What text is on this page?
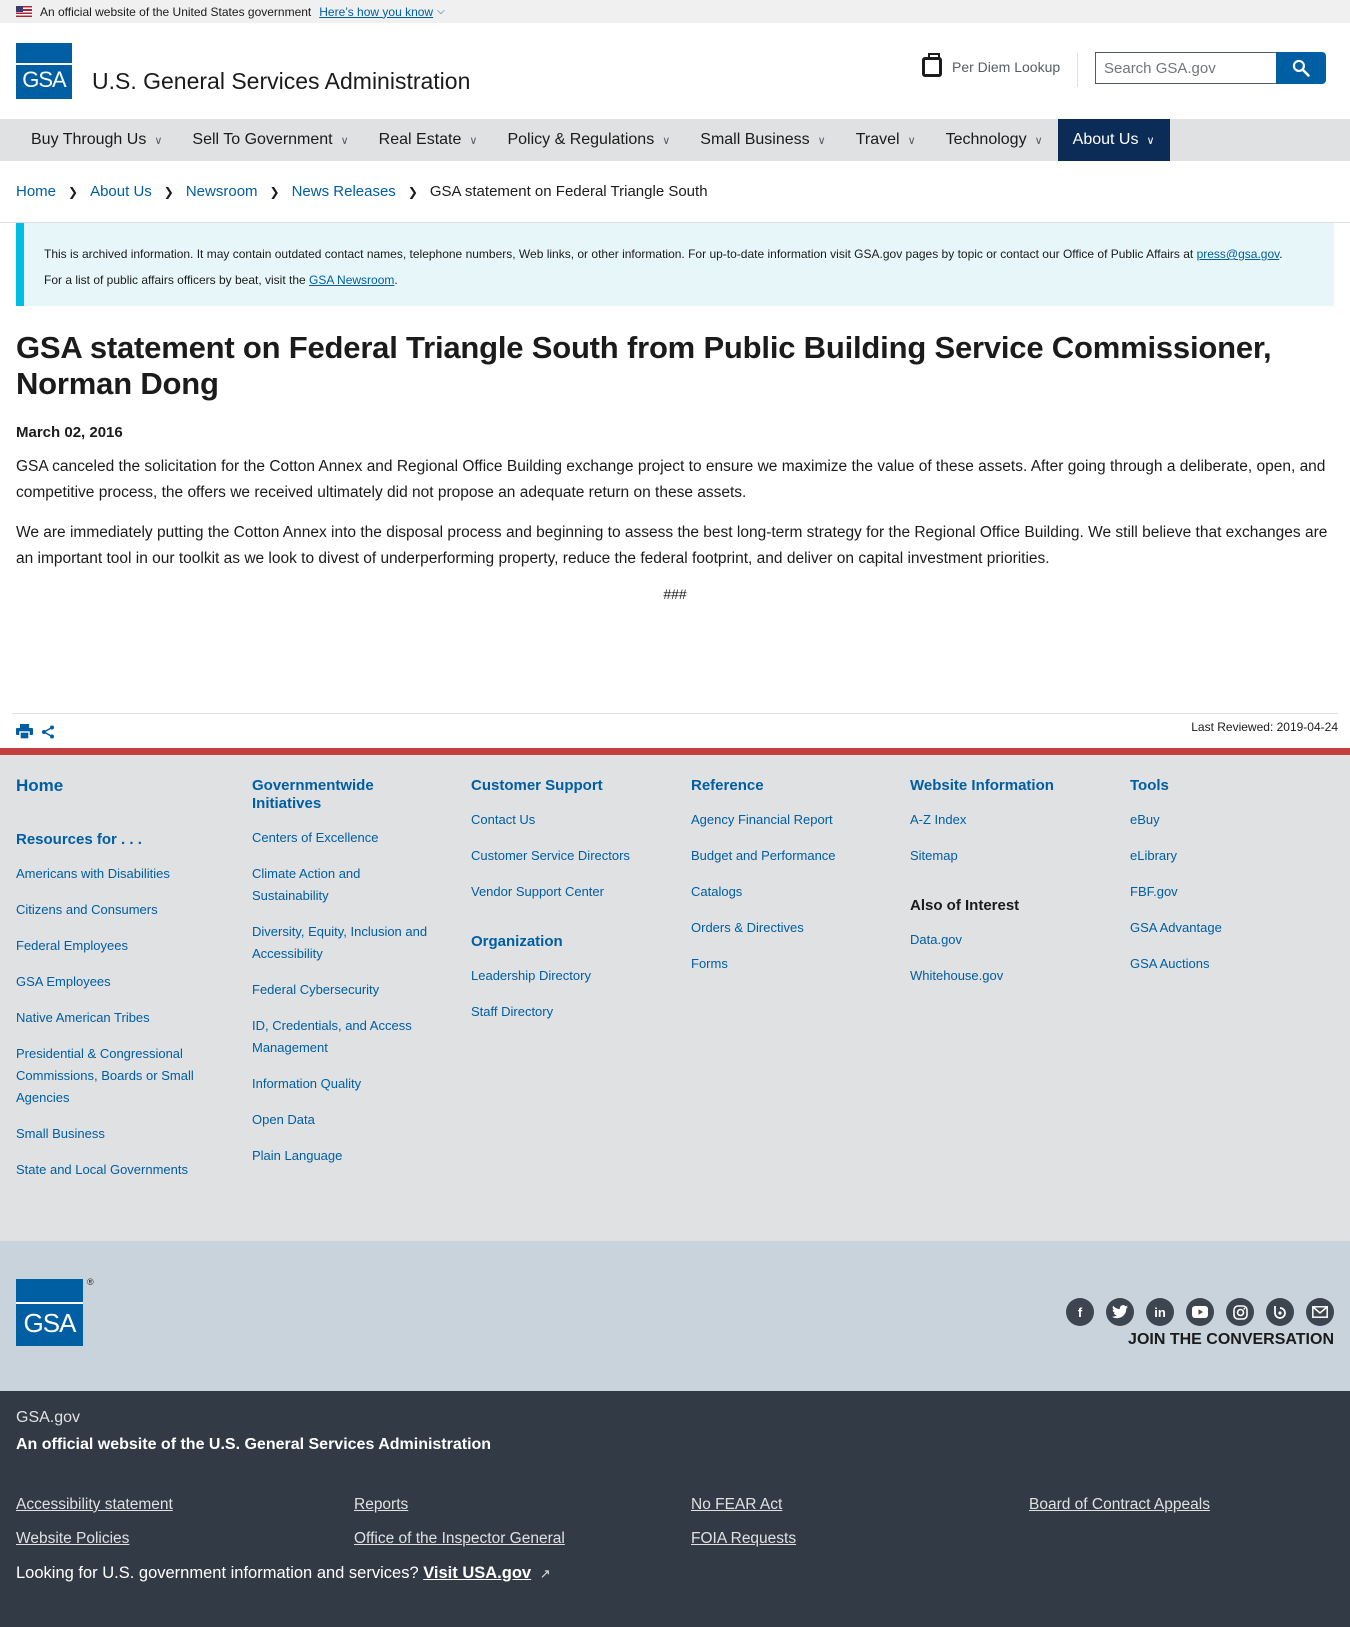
An official website of the United States government Here’s how you know ⌵
GSA U.S. General Services Administration
Per Diem Lookup
Search GSA.gov
Buy Through Us ∨ Sell To Government ∨ Real Estate ∨ Policy & Regulations ∨ Small Business ∨ Travel ∨ Technology ∨ About Us ∨
Home ❯ About Us ❯ Newsroom ❯ News Releases ❯ GSA statement on Federal Triangle South
This is archived information. It may contain outdated contact names, telephone numbers, Web links, or other information. For up-to-date information visit GSA.gov pages by topic or contact our Office of Public Affairs at press@gsa.gov.
For a list of public affairs officers by beat, visit the GSA Newsroom.
GSA statement on Federal Triangle South from Public Building Service Commissioner, Norman Dong
March 02, 2016

GSA canceled the solicitation for the Cotton Annex and Regional Office Building exchange project to ensure we maximize the value of these assets. After going through a deliberate, open, and competitive process, the offers we received ultimately did not propose an adequate return on these assets.

We are immediately putting the Cotton Annex into the disposal process and beginning to assess the best long-term strategy for the Regional Office Building. We still believe that exchanges are an important tool in our toolkit as we look to divest of underperforming property, reduce the federal footprint, and deliver on capital investment priorities.

###
Last Reviewed: 2019-04-24
Home
Resources for . . .
Americans with Disabilities
Citizens and Consumers
Federal Employees
GSA Employees
Native American Tribes
Presidential & Congressional Commissions, Boards or Small Agencies
Small Business
State and Local Governments
Governmentwide Initiatives
Centers of Excellence
Climate Action and Sustainability
Diversity, Equity, Inclusion and Accessibility
Federal Cybersecurity
ID, Credentials, and Access Management
Information Quality
Open Data
Plain Language
Customer Support
Contact Us
Customer Service Directors
Vendor Support Center
Organization
Leadership Directory
Staff Directory
Reference
Agency Financial Report
Budget and Performance
Catalogs
Orders & Directives
Forms
Website Information
A-Z Index
Sitemap
Also of Interest
Data.gov
Whitehouse.gov
Tools
eBuy
eLibrary
FBF.gov
GSA Advantage
GSA Auctions
GSA
®
f	in
JOIN THE CONVERSATION
GSA.gov
An official website of the U.S. General Services Administration
Accessibility statement	Reports	No FEAR Act	Board of Contract Appeals
Website Policies	Office of the Inspector General	FOIA Requests
Looking for U.S. government information and services? Visit USA.gov ↗
